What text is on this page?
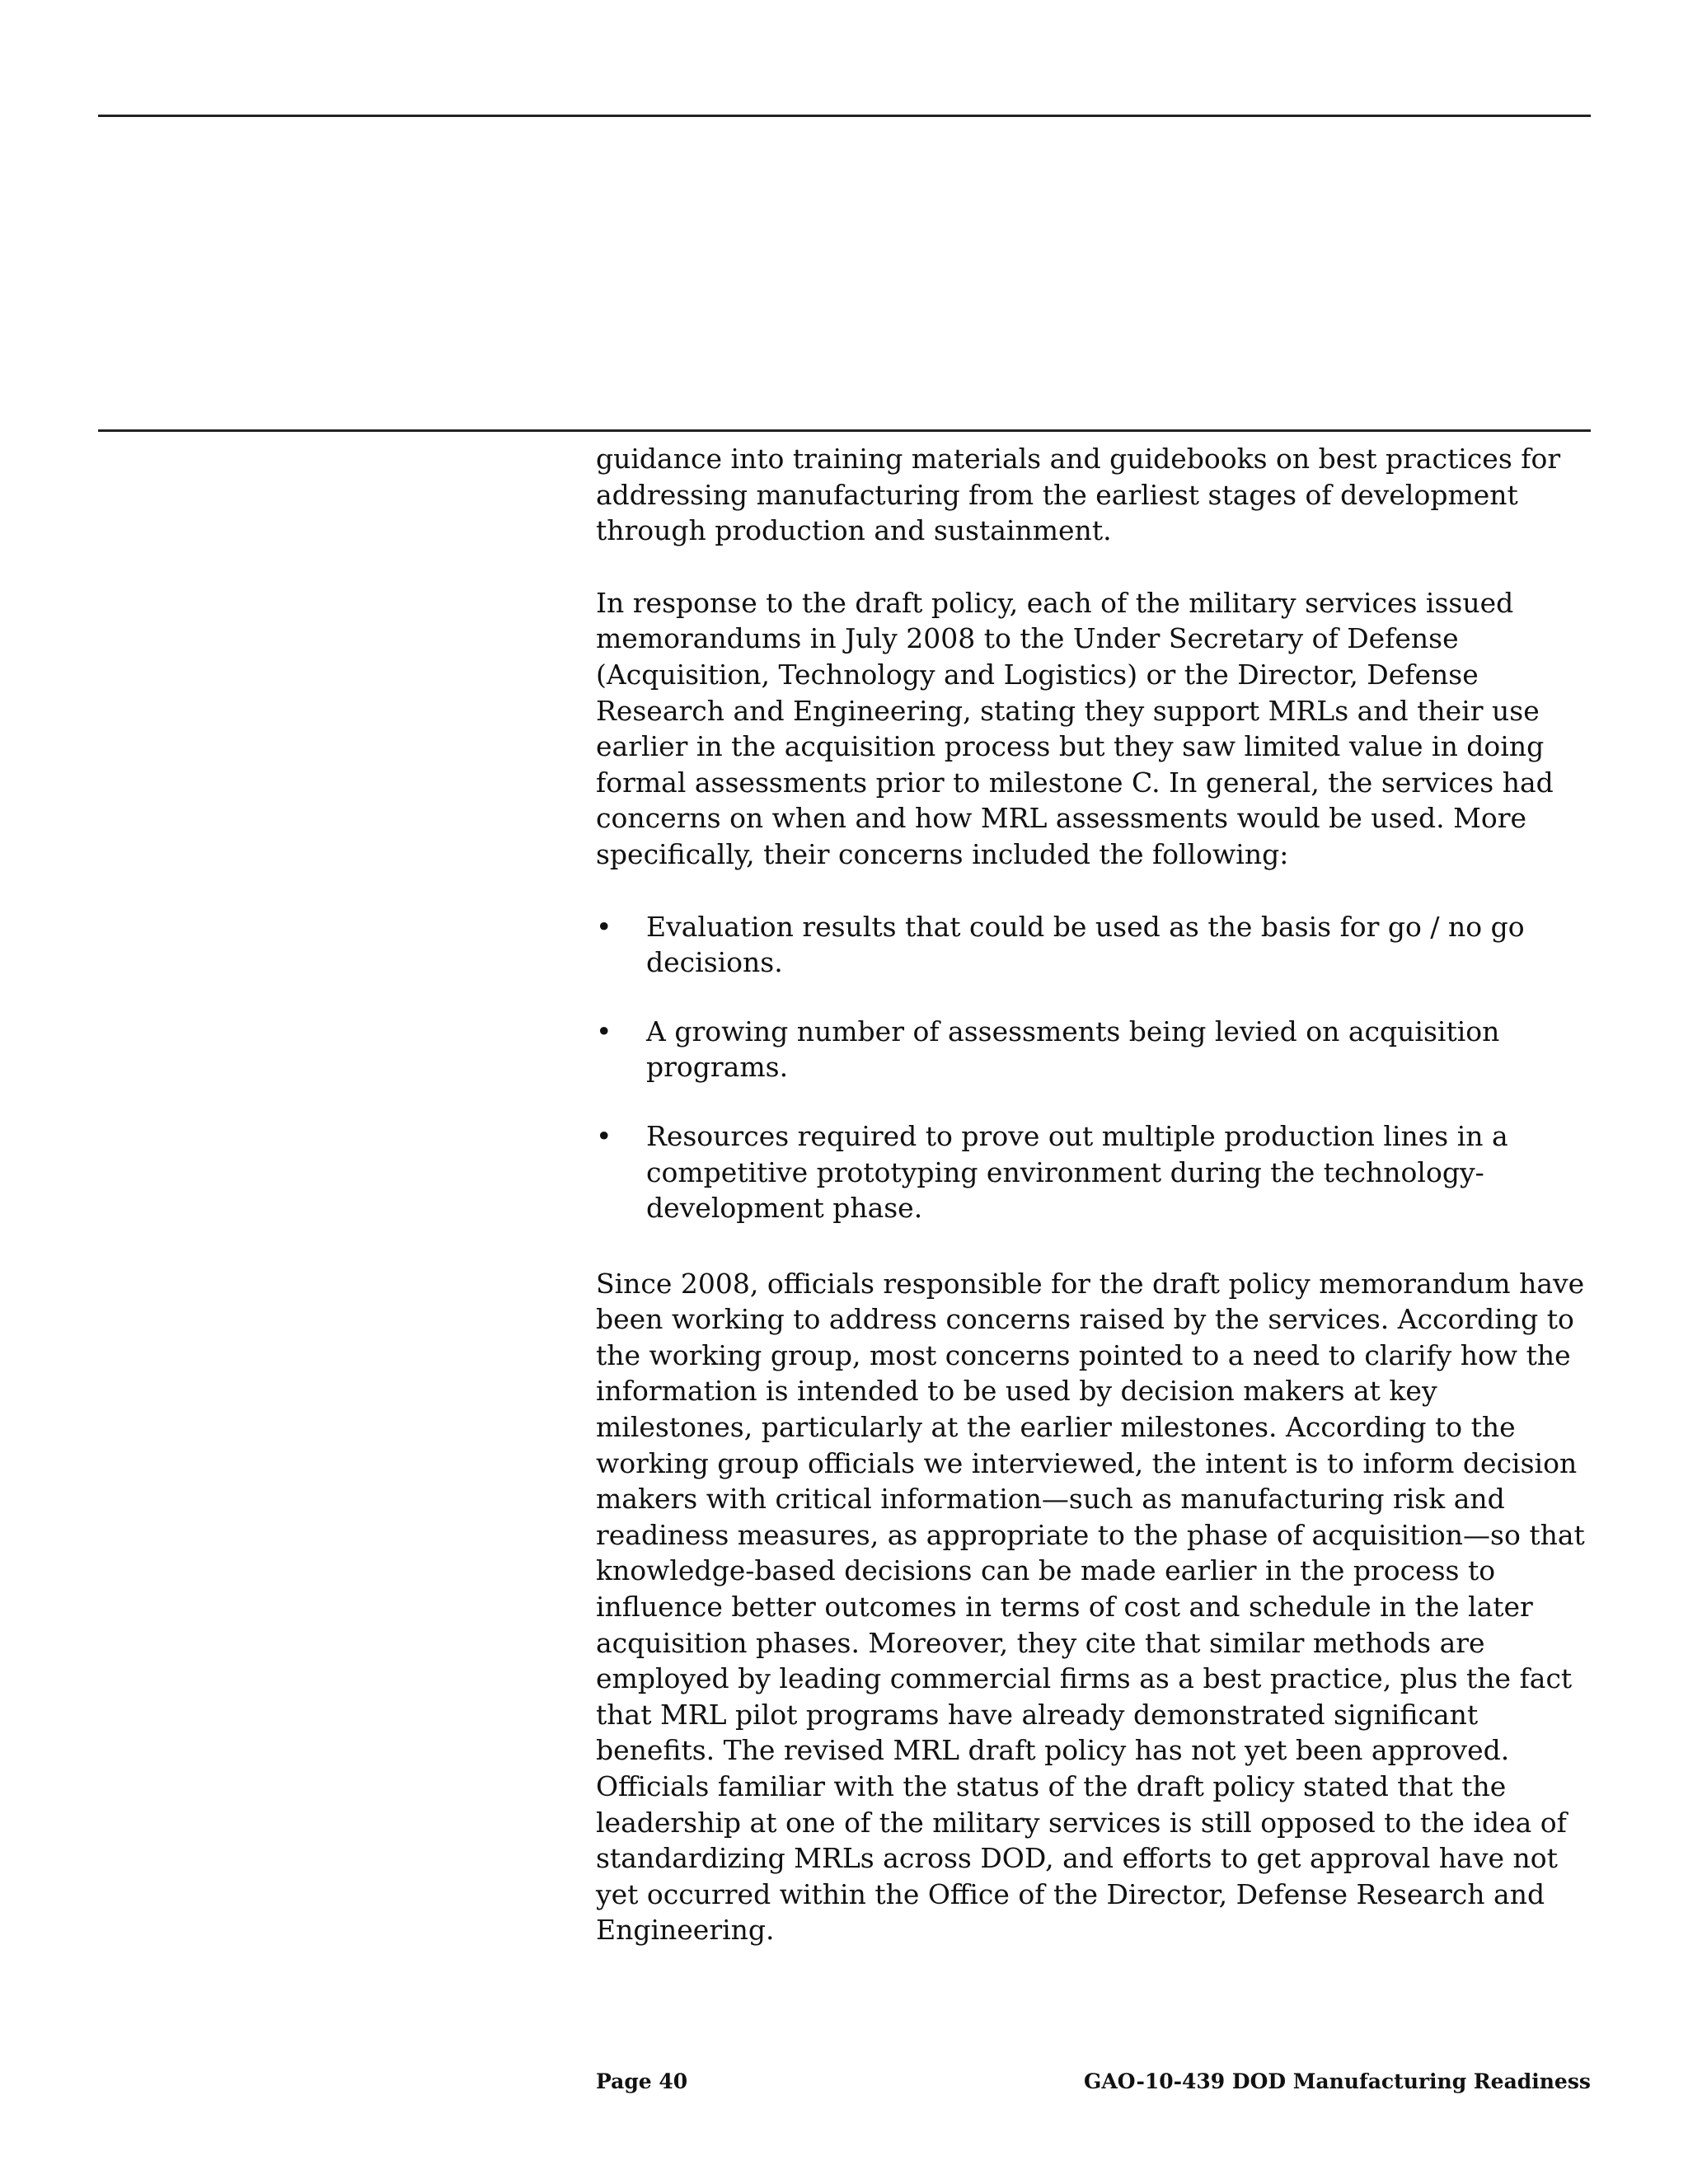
guidance into training materials and guidebooks on best practices for addressing manufacturing from the earliest stages of development through production and sustainment.

In response to the draft policy, each of the military services issued memorandums in July 2008 to the Under Secretary of Defense (Acquisition, Technology and Logistics) or the Director, Defense Research and Engineering, stating they support MRLs and their use earlier in the acquisition process but they saw limited value in doing formal assessments prior to milestone C. In general, the services had concerns on when and how MRL assessments would be used. More specifically, their concerns included the following:

•	Evaluation results that could be used as the basis for go / no go decisions.
•	A growing number of assessments being levied on acquisition programs.
•	Resources required to prove out multiple production lines in a competitive prototyping environment during the technology-development phase.

Since 2008, officials responsible for the draft policy memorandum have been working to address concerns raised by the services. According to the working group, most concerns pointed to a need to clarify how the information is intended to be used by decision makers at key milestones, particularly at the earlier milestones. According to the working group officials we interviewed, the intent is to inform decision makers with critical information—such as manufacturing risk and readiness measures, as appropriate to the phase of acquisition—so that knowledge-based decisions can be made earlier in the process to influence better outcomes in terms of cost and schedule in the later acquisition phases. Moreover, they cite that similar methods are employed by leading commercial firms as a best practice, plus the fact that MRL pilot programs have already demonstrated significant benefits. The revised MRL draft policy has not yet been approved. Officials familiar with the status of the draft policy stated that the leadership at one of the military services is still opposed to the idea of standardizing MRLs across DOD, and efforts to get approval have not yet occurred within the Office of the Director, Defense Research and Engineering.

Page 40	GAO-10-439 DOD Manufacturing Readiness
